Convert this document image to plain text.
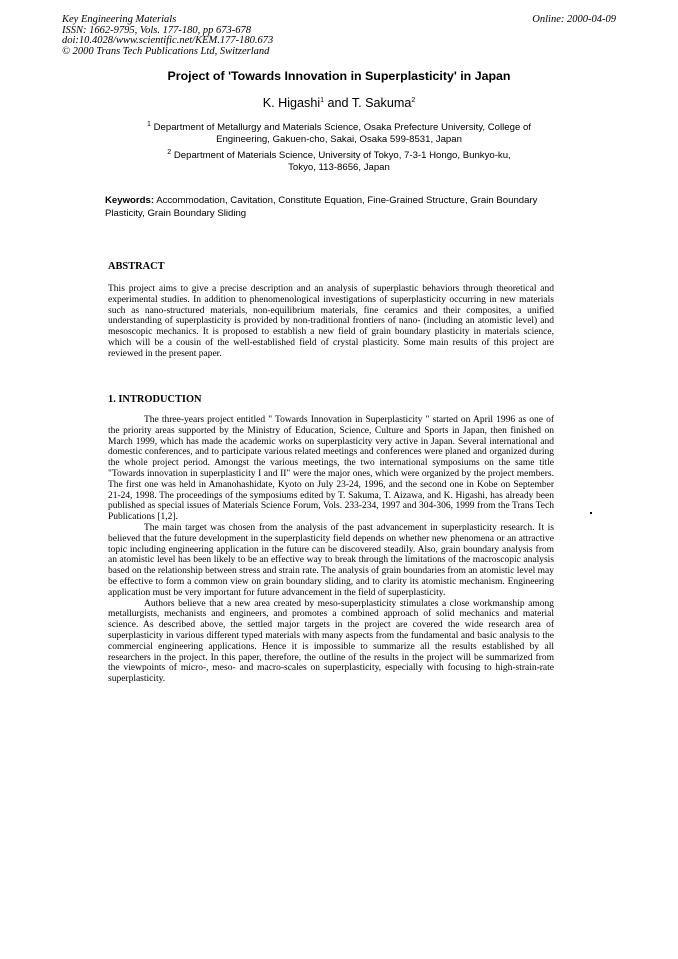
Key Engineering Materials
ISSN: 1662-9795, Vols. 177-180, pp 673-678
doi:10.4028/www.scientific.net/KEM.177-180.673
© 2000 Trans Tech Publications Ltd, Switzerland
Online: 2000-04-09
Project of 'Towards Innovation in Superplasticity' in Japan
K. Higashi$^1$ and T. Sakuma$^2$
$^1$ Department of Metallurgy and Materials Science, Osaka Prefecture University, College of
Engineering, Gakuen-cho, Sakai, Osaka 599-8531, Japan
$^2$ Department of Materials Science, University of Tokyo, 7-3-1 Hongo, Bunkyo-ku,
Tokyo, 113-8656, Japan
Keywords: Accommodation, Cavitation, Constitute Equation, Fine-Grained Structure, Grain Boundary Plasticity, Grain Boundary Sliding
ABSTRACT

This project aims to give a precise description and an analysis of superplastic behaviors through theoretical and experimental studies. In addition to phenomenological investigations of superplasticity occurring in new materials such as nano-structured materials, non-equilibrium materials, fine ceramics and their composites, a unified understanding of superplasticity is provided by non-traditional frontiers of nano- (including an atomistic level) and mesoscopic mechanics. It is proposed to establish a new field of grain boundary plasticity in materials science, which will be a cousin of the well-established field of crystal plasticity. Some main results of this project are reviewed in the present paper.

1. INTRODUCTION

The three-years project entitled " Towards Innovation in Superplasticity " started on April 1996 as one of the priority areas supported by the Ministry of Education, Science, Culture and Sports in Japan, then finished on March 1999, which has made the academic works on superplasticity very active in Japan. Several international and domestic conferences, and to participate various related meetings and conferences were planed and organized during the whole project period. Amongst the various meetings, the two international symposiums on the same title "Towards innovation in superplasticity I and II" were the major ones, which were organized by the project members. The first one was held in Amanohashidate, Kyoto on July 23-24, 1996, and the second one in Kobe on September 21-24, 1998. The proceedings of the symposiums edited by T. Sakuma, T. Aizawa, and K. Higashi, has already been published as special issues of Materials Science Forum, Vols. 233-234, 1997 and 304-306, 1999 from the Trans Tech Publications [1,2].

The main target was chosen from the analysis of the past advancement in superplasticity research. It is believed that the future development in the superplasticity field depends on whether new phenomena or an attractive topic including engineering application in the future can be discovered steadily. Also, grain boundary analysis from an atomistic level has been likely to be an effective way to break through the limitations of the macroscopic analysis based on the relationship between stress and strain rate. The analysis of grain boundaries from an atomistic level may be effective to form a common view on grain boundary sliding, and to clarity its atomistic mechanism. Engineering application must be very important for future advancement in the field of superplasticity.

Authors believe that a new area created by meso-superplasticity stimulates a close workmanship among metallurgists, mechanists and engineers, and promotes a combined approach of solid mechanics and material science. As described above, the settled major targets in the project are covered the wide research area of superplasticity in various different typed materials with many aspects from the fundamental and basic analysis to the commercial engineering applications. Hence it is impossible to summarize all the results established by all researchers in the project. In this paper, therefore, the outline of the results in the project will be summarized from the viewpoints of micro-, meso- and macro-scales on superplasticity, especially with focusing to high-strain-rate superplasticity.
